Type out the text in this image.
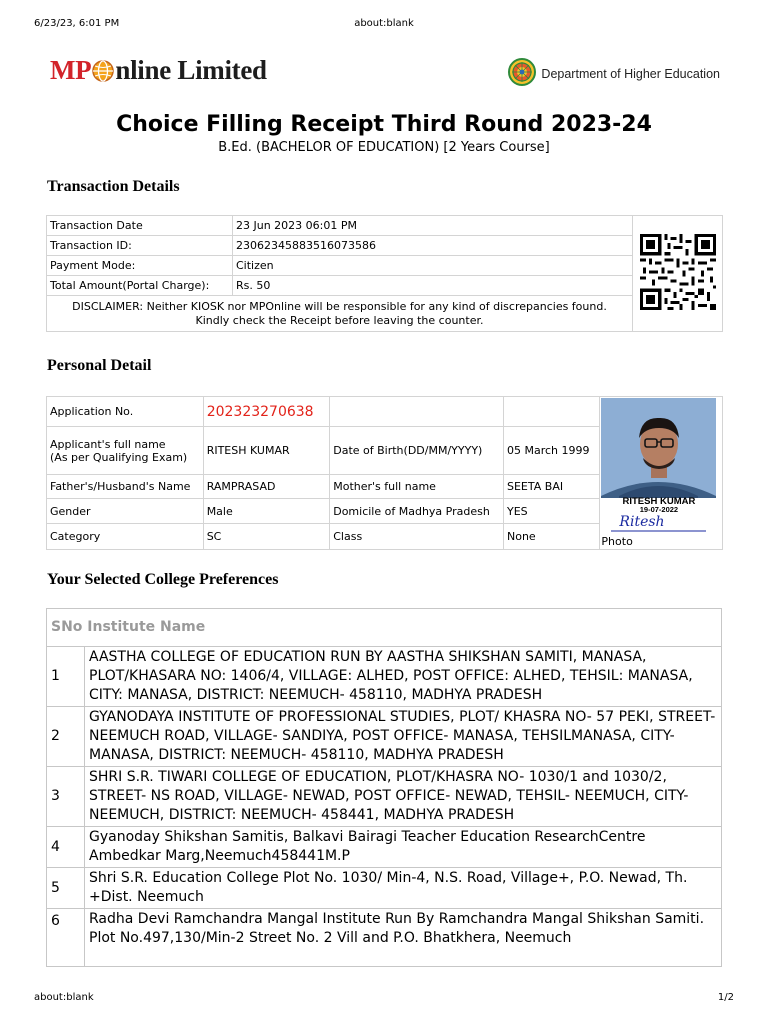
6/23/23, 6:01 PM	about:blank
MP nline Limited	Department of Higher Education
Choice Filling Receipt Third Round 2023-24
B.Ed. (BACHELOR OF EDUCATION) [2 Years Course]
Transaction Details
Transaction Date	23 Jun 2023 06:01 PM	
Transaction ID:	23062345883516073586	
Payment Mode:	Citizen	
Total Amount(Portal Charge):	Rs. 50	
DISCLAIMER: Neither KIOSK nor MPOnline will be responsible for any kind of discrepancies found.
Kindly check the Receipt before leaving the counter.		
Personal Detail
Application No.	202323270638			RITESH KUMAR
19-07-2022
Ritesh
Photo

Applicant's full name
(As per Qualifying Exam)	RITESH KUMAR	Date of Birth(DD/MM/YYYY)	05 March 1999	
Father's/Husband's Name	RAMPRASAD	Mother's full name	SEETA BAI	
Gender	Male	Domicile of Madhya Pradesh	YES	
Category	SC	Class	None	
Your Selected College Preferences
SNo Institute Name	
1	AASTHA COLLEGE OF EDUCATION RUN BY AASTHA SHIKSHAN SAMITI, MANASA, PLOT/KHASARA NO: 1406/4, VILLAGE: ALHED, POST OFFICE: ALHED, TEHSIL: MANASA, CITY: MANASA, DISTRICT: NEEMUCH- 458110, MADHYA PRADESH
2	GYANODAYA INSTITUTE OF PROFESSIONAL STUDIES, PLOT/ KHASRA NO- 57 PEKI, STREET- NEEMUCH ROAD, VILLAGE- SANDIYA, POST OFFICE- MANASA, TEHSILMANASA, CITY- MANASA, DISTRICT: NEEMUCH- 458110, MADHYA PRADESH
3	SHRI S.R. TIWARI COLLEGE OF EDUCATION, PLOT/KHASRA NO- 1030/1 and 1030/2, STREET- NS ROAD, VILLAGE- NEWAD, POST OFFICE- NEWAD, TEHSIL- NEEMUCH, CITY- NEEMUCH, DISTRICT: NEEMUCH- 458441, MADHYA PRADESH
4	Gyanoday Shikshan Samitis, Balkavi Bairagi Teacher Education ResearchCentre Ambedkar Marg,Neemuch458441M.P
5	Shri S.R. Education College Plot No. 1030/ Min-4, N.S. Road, Village+, P.O. Newad, Th. +Dist. Neemuch
6	Radha Devi Ramchandra Mangal Institute Run By Ramchandra Mangal Shikshan Samiti. Plot No.497,130/Min-2 Street No. 2 Vill and P.O. Bhatkhera, Neemuch
about:blank	1/2
